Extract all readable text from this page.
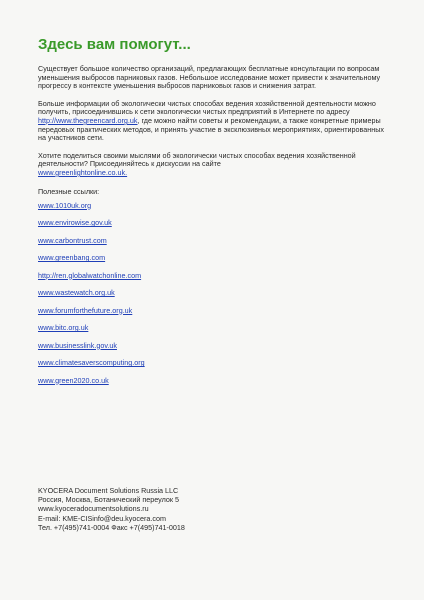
Здесь вам помогут...

Существует большое количество организаций, предлагающих бесплатные консультации по вопросам уменьшения выбросов парниковых газов. Небольшое исследование может привести к значительному прогрессу в контексте уменьшения выбросов парниковых газов и снижения затрат.

Больше информации об экологически чистых способах ведения хозяйственной деятельности можно получить, присоединившись к сети экологически чистых предприятий в Интернете по адресу http://www.thegreencard.org.uk, где можно найти советы и рекомендации, а также конкретные примеры передовых практических методов, и принять участие в эксклюзивных мероприятиях, ориентированных на участников сети.

Хотите поделиться своими мыслями об экологически чистых способах ведения хозяйственной деятельности? Присоединяйтесь к дискуссии на сайте
www.greenlightonline.co.uk.

Полезные ссылки:
www.1010uk.org
www.envirowise.gov.uk
www.carbontrust.com
www.greenbang.com
http://ren.globalwatchonline.com
www.wastewatch.org.uk
www.forumforthefuture.org.uk
www.bitc.org.uk
www.businesslink.gov.uk
www.climatesaverscomputing.org
www.green2020.co.uk
KYOCERA Document Solutions Russia LLC
Россия, Москва, Ботанический переулок 5
www.kyoceradocumentsolutions.ru
E-mail: KME-CISinfo@deu.kyocera.com
Тел. +7(495)741-0004 Факс +7(495)741-0018
